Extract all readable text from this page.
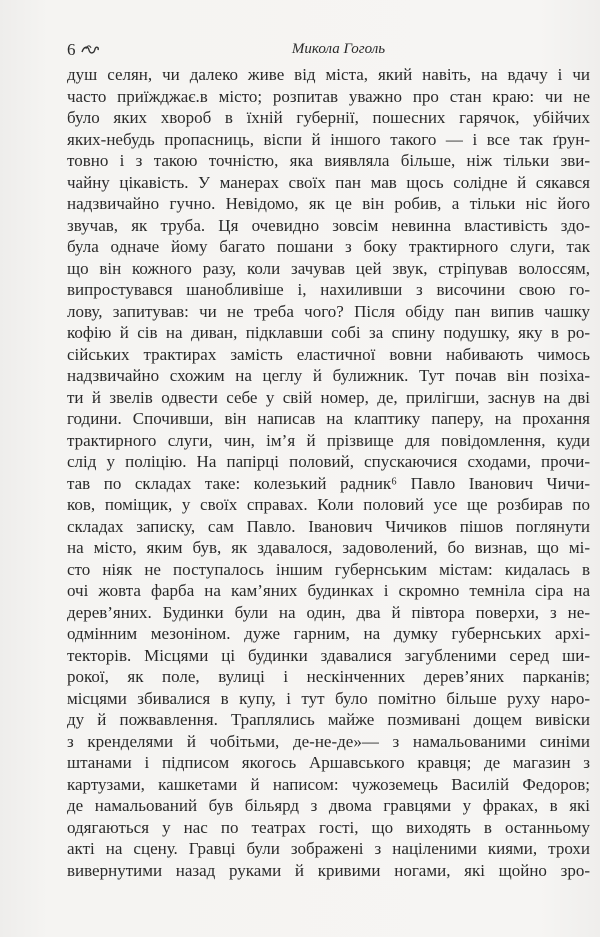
6	Микола Гоголь
душ селян, чи далеко живе від міста, який навіть, на вдачу і чи
часто приїжджає.в місто; розпитав уважно про стан краю: чи не
було яких хвороб в їхній губернії, пошесних гарячок, убійчих
яких-небудь пропасниць, віспи й іншого такого — і все так ґрун-
товно і з такою точністю, яка виявляла більше, ніж тільки зви-
чайну цікавість. У манерах своїх пан мав щось солідне й сякався
надзвичайно гучно. Невідомо, як це він робив, а тільки ніс його
звучав, як труба. Ця очевидно зовсім невинна властивість здо-
була одначе йому багато пошани з боку трактирного слуги, так
що він кожного разу, коли зачував цей звук, стріпував волоссям,
випростувався шанобливіше і, нахиливши з височини свою го-
лову, запитував: чи не треба чого? Після обіду пан випив чашку
кофію й сів на диван, підклавши собі за спину подушку, яку в ро-
сійських трактирах замість еластичної вовни набивають чимось
надзвичайно схожим на цеглу й булижник. Тут почав він позіха-
ти й звелів одвести себе у свій номер, де, прилігши, заснув на дві
години. Спочивши, він написав на клаптику паперу, на прохання
трактирного слуги, чин, ім’я й прізвище для повідомлення, куди
слід у поліцію. На папірці половий, спускаючися сходами, прочи-
тав по складах таке: колезький радник⁶ Павло Іванович Чичи-
ков, поміщик, у своїх справах. Коли половий усе ще розбирав по
складах записку, сам Павло. Іванович Чичиков пішов поглянути
на місто, яким був, як здавалося, задоволений, бо визнав, що мі-
сто ніяк не поступалось іншим губернським містам: кидалась в
очі жовта фарба на кам’яних будинках і скромно темніла сіра на
дерев’яних. Будинки були на один, два й півтора поверхи, з не-
одмінним мезоніном. дуже гарним, на думку губернських архі-
текторів. Місцями ці будинки здавалися загубленими серед ши-
рокої, як поле, вулиці і нескінченних дерев’яних парканів;
місцями збивалися в купу, і тут було помітно більше руху наро-
ду й пожвавлення. Траплялись майже позмивані дощем вивіски
з кренделями й чобітьми, де-не-де»— з намальованими синіми
штанами і підписом якогось Аршавського кравця; де магазин з
картузами, кашкетами й написом: чужоземець Василій Федоров;
де намальований був більярд з двома гравцями у фраках, в які
одягаються у нас по театрах гості, що виходять в останньому
акті на сцену. Гравці були зображені з націленими киями, трохи
вивернутими назад руками й кривими ногами, які щойно зро-
